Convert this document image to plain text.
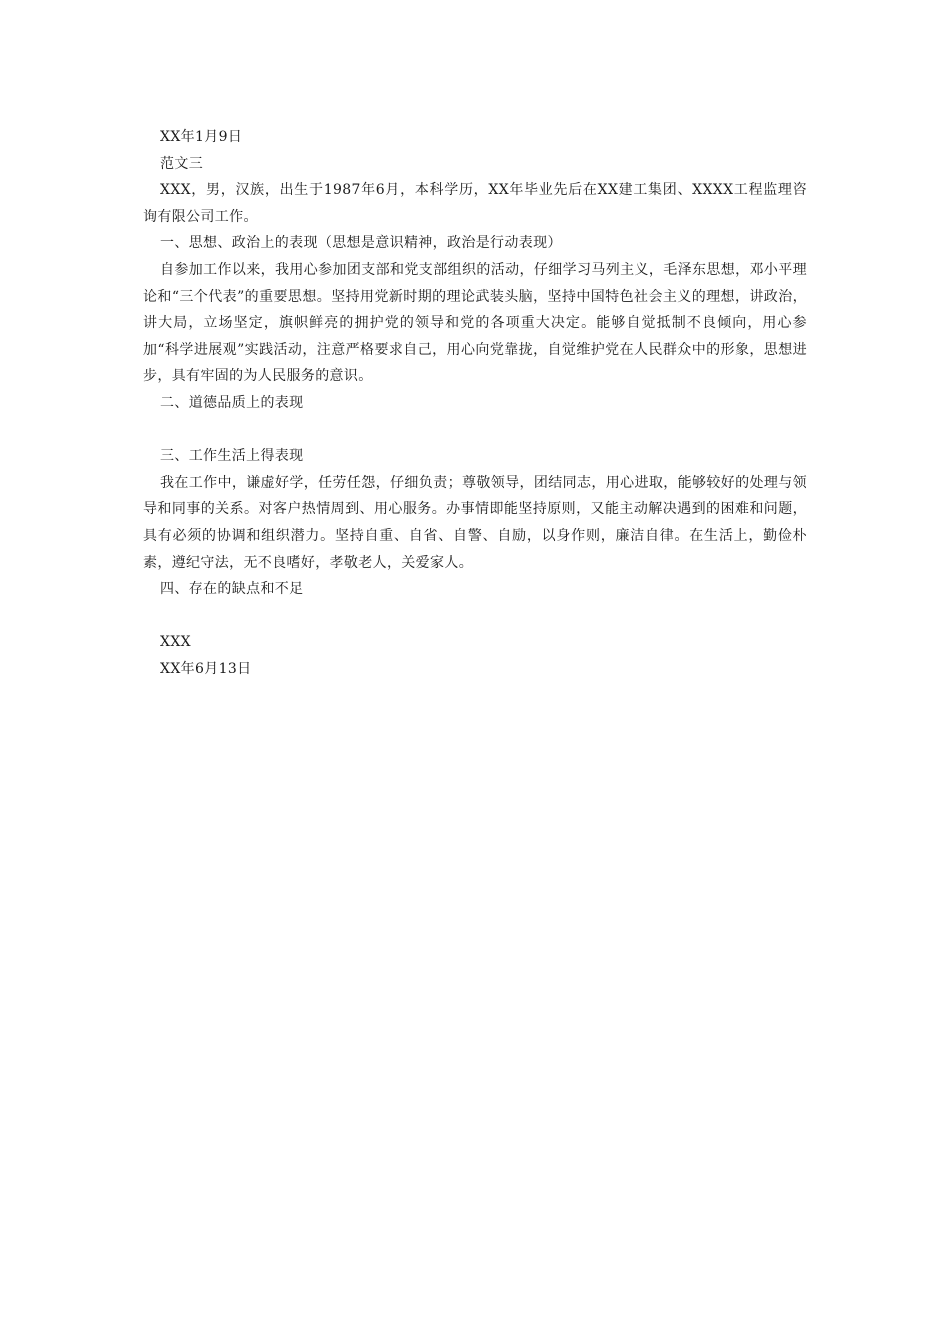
XX年1月9日

范文三

XXX，男，汉族，出生于1987年6月，本科学历，XX年毕业先后在XX建工集团、XXXX工程监理咨询有限公司工作。

一、思想、政治上的表现（思想是意识精神，政治是行动表现）

自参加工作以来，我用心参加团支部和党支部组织的活动，仔细学习马列主义，毛泽东思想，邓小平理论和“三个代表”的重要思想。坚持用党新时期的理论武装头脑，坚持中国特色社会主义的理想，讲政治，讲大局，立场坚定，旗帜鲜亮的拥护党的领导和党的各项重大决定。能够自觉抵制不良倾向，用心参加“科学进展观”实践活动，注意严格要求自己，用心向党靠拢，自觉维护党在人民群众中的形象，思想进步，具有牢固的为人民服务的意识。

二、道德品质上的表现

三、工作生活上得表现

我在工作中，谦虚好学，任劳任怨，仔细负责；尊敬领导，团结同志，用心进取，能够较好的处理与领导和同事的关系。对客户热情周到、用心服务。办事情即能坚持原则，又能主动解决遇到的困难和问题，具有必须的协调和组织潜力。坚持自重、自省、自警、自励，以身作则，廉洁自律。在生活上，勤俭朴素，遵纪守法，无不良嗜好，孝敬老人，关爱家人。

四、存在的缺点和不足

XXX

XX年6月13日
